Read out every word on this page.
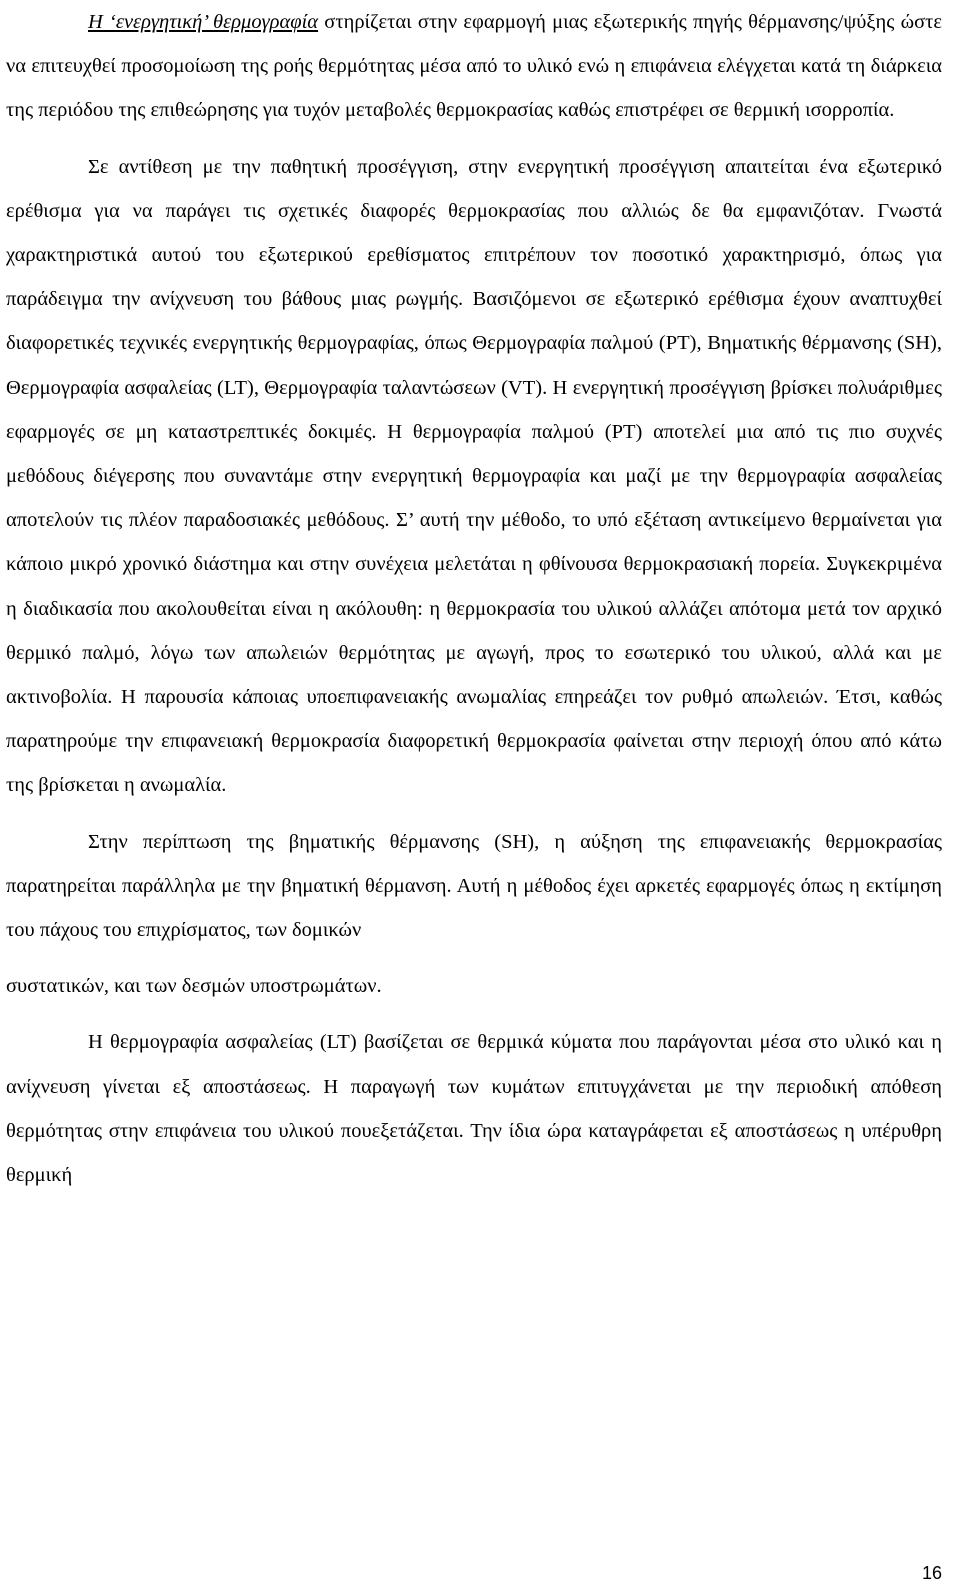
Η ‘ενεργητική’ θερμογραφία στηρίζεται στην εφαρμογή μιας εξωτερικής πηγής θέρμανσης/ψύξης ώστε να επιτευχθεί προσομοίωση της ροής θερμότητας μέσα από το υλικό ενώ η επιφάνεια ελέγχεται κατά τη διάρκεια της περιόδου της επιθεώρησης για τυχόν μεταβολές θερμοκρασίας καθώς επιστρέφει σε θερμική ισορροπία.

Σε αντίθεση με την παθητική προσέγγιση, στην ενεργητική προσέγγιση απαιτείται ένα εξωτερικό ερέθισμα για να παράγει τις σχετικές διαφορές θερμοκρασίας που αλλιώς δε θα εμφανιζόταν. Γνωστά χαρακτηριστικά αυτού του εξωτερικού ερεθίσματος επιτρέπουν τον ποσοτικό χαρακτηρισμό, όπως για παράδειγμα την ανίχνευση του βάθους μιας ρωγμής. Βασιζόμενοι σε εξωτερικό ερέθισμα έχουν αναπτυχθεί διαφορετικές τεχνικές ενεργητικής θερμογραφίας, όπως Θερμογραφία παλμού (PT), Βηματικής θέρμανσης (SH), Θερμογραφία ασφαλείας (LT), Θερμογραφία ταλαντώσεων (VT). Η ενεργητική προσέγγιση βρίσκει πολυάριθμες εφαρμογές σε μη καταστρεπτικές δοκιμές. Η θερμογραφία παλμού (PT) αποτελεί μια από τις πιο συχνές μεθόδους διέγερσης που συναντάμε στην ενεργητική θερμογραφία και μαζί με την θερμογραφία ασφαλείας αποτελούν τις πλέον παραδοσιακές μεθόδους. Σ’ αυτή την μέθοδο, το υπό εξέταση αντικείμενο θερμαίνεται για κάποιο μικρό χρονικό διάστημα και στην συνέχεια μελετάται η φθίνουσα θερμοκρασιακή πορεία. Συγκεκριμένα η διαδικασία που ακολουθείται είναι η ακόλουθη: η θερμοκρασία του υλικού αλλάζει απότομα μετά τον αρχικό θερμικό παλμό, λόγω των απωλειών θερμότητας με αγωγή, προς το εσωτερικό του υλικού, αλλά και με ακτινοβολία. Η παρουσία κάποιας υποεπιφανειακής ανωμαλίας επηρεάζει τον ρυθμό απωλειών. Έτσι, καθώς παρατηρούμε την επιφανειακή θερμοκρασία διαφορετική θερμοκρασία φαίνεται στην περιοχή όπου από κάτω της βρίσκεται η ανωμαλία.

Στην περίπτωση της βηματικής θέρμανσης (SH), η αύξηση της επιφανειακής θερμοκρασίας παρατηρείται παράλληλα με την βηματική θέρμανση. Αυτή η μέθοδος έχει αρκετές εφαρμογές όπως η εκτίμηση του πάχους του επιχρίσματος, των δομικών

συστατικών, και των δεσμών υποστρωμάτων.

Η θερμογραφία ασφαλείας (LT) βασίζεται σε θερμικά κύματα που παράγονται μέσα στο υλικό και η ανίχνευση γίνεται εξ αποστάσεως. Η παραγωγή των κυμάτων επιτυγχάνεται με την περιοδική απόθεση θερμότητας στην επιφάνεια του υλικού πουεξετάζεται. Την ίδια ώρα καταγράφεται εξ αποστάσεως η υπέρυθρη θερμική

16
